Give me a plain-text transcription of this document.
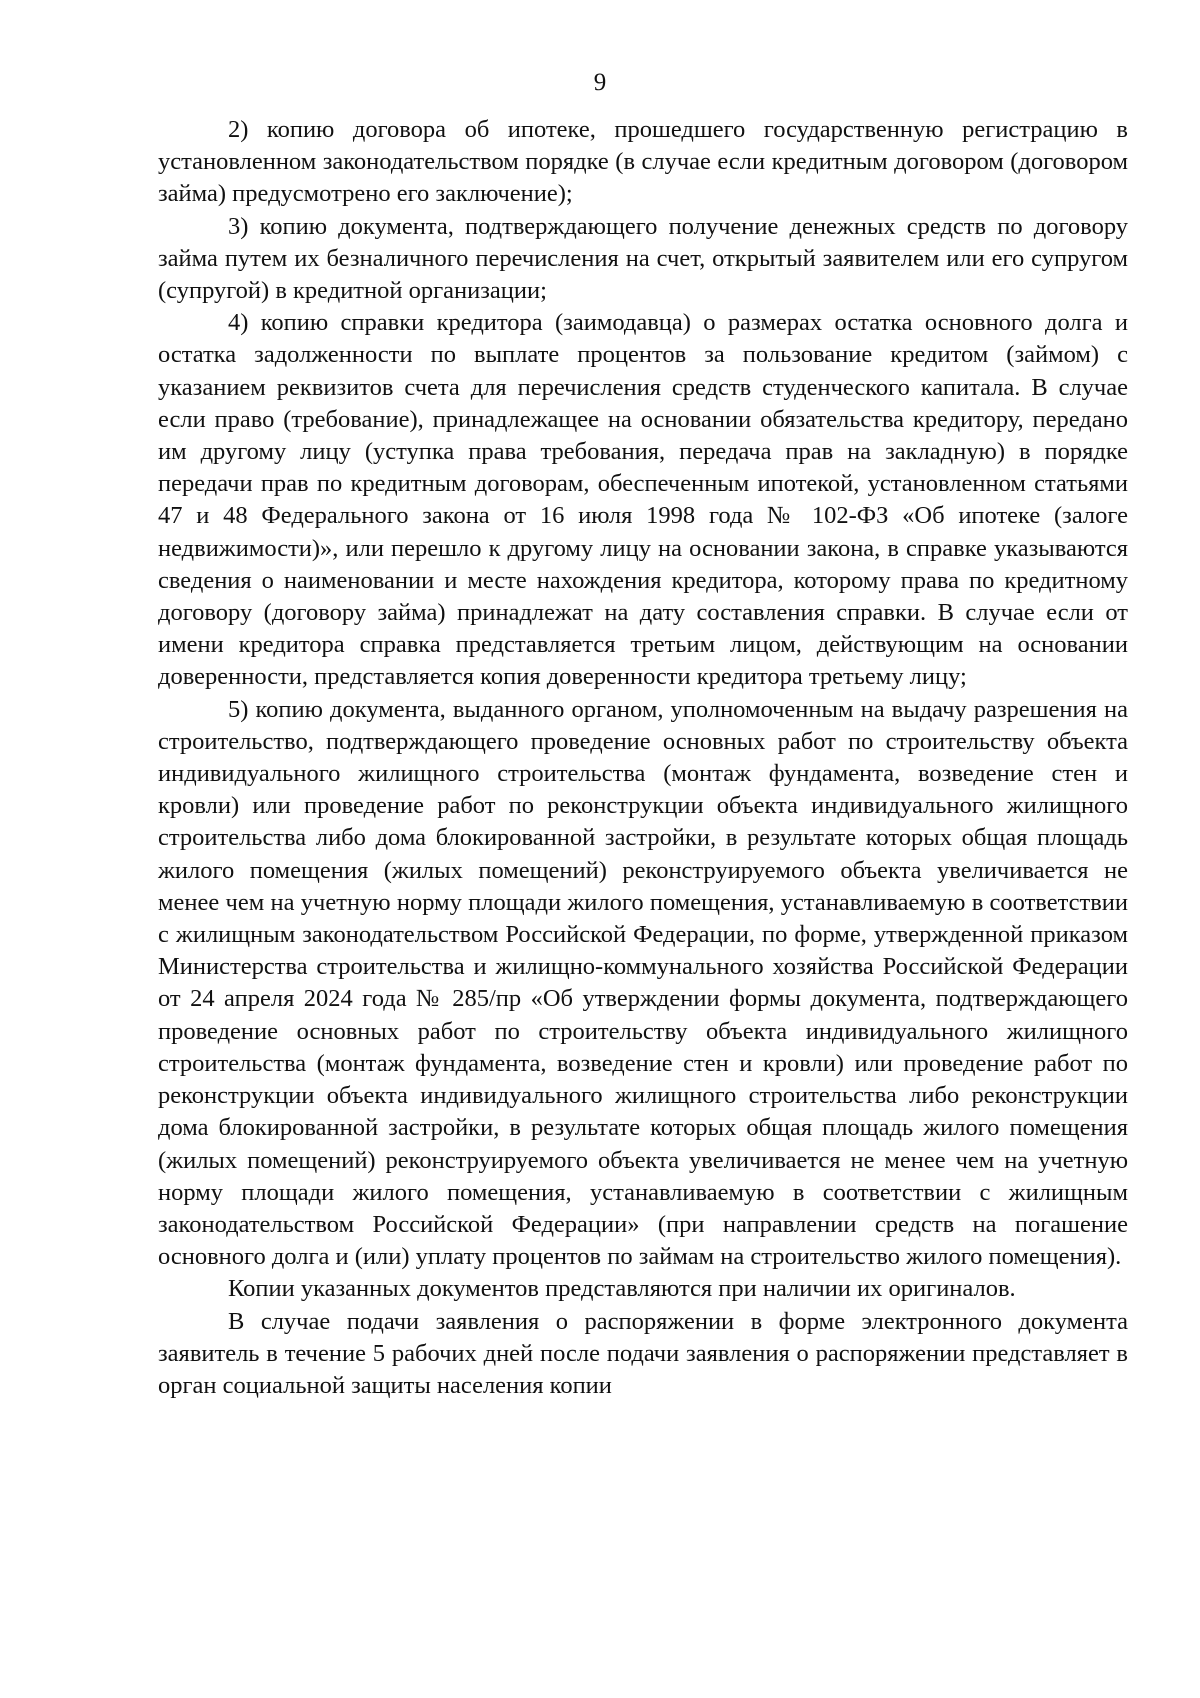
9

2) копию договора об ипотеке, прошедшего государственную регистрацию в установленном законодательством порядке (в случае если кредитным договором (договором займа) предусмотрено его заключение);

3) копию документа, подтверждающего получение денежных средств по договору займа путем их безналичного перечисления на счет, открытый заявителем или его супругом (супругой) в кредитной организации;

4) копию справки кредитора (заимодавца) о размерах остатка основного долга и остатка задолженности по выплате процентов за пользование кредитом (займом) с указанием реквизитов счета для перечисления средств студенческого капитала. В случае если право (требование), принадлежащее на основании обязательства кредитору, передано им другому лицу (уступка права требования, передача прав на закладную) в порядке передачи прав по кредитным договорам, обеспеченным ипотекой, установленном статьями 47 и 48 Федерального закона от 16 июля 1998 года № 102-ФЗ «Об ипотеке (залоге недвижимости)», или перешло к другому лицу на основании закона, в справке указываются сведения о наименовании и месте нахождения кредитора, которому права по кредитному договору (договору займа) принадлежат на дату составления справки. В случае если от имени кредитора справка представляется третьим лицом, действующим на основании доверенности, представляется копия доверенности кредитора третьему лицу;

5) копию документа, выданного органом, уполномоченным на выдачу разрешения на строительство, подтверждающего проведение основных работ по строительству объекта индивидуального жилищного строительства (монтаж фундамента, возведение стен и кровли) или проведение работ по реконструкции объекта индивидуального жилищного строительства либо дома блокированной застройки, в результате которых общая площадь жилого помещения (жилых помещений) реконструируемого объекта увеличивается не менее чем на учетную норму площади жилого помещения, устанавливаемую в соответствии с жилищным законодательством Российской Федерации, по форме, утвержденной приказом Министерства строительства и жилищно-коммунального хозяйства Российской Федерации от 24 апреля 2024 года № 285/пр «Об утверждении формы документа, подтверждающего проведение основных работ по строительству объекта индивидуального жилищного строительства (монтаж фундамента, возведение стен и кровли) или проведение работ по реконструкции объекта индивидуального жилищного строительства либо реконструкции дома блокированной застройки, в результате которых общая площадь жилого помещения (жилых помещений) реконструируемого объекта увеличивается не менее чем на учетную норму площади жилого помещения, устанавливаемую в соответствии с жилищным законодательством Российской Федерации» (при направлении средств на погашение основного долга и (или) уплату процентов по займам на строительство жилого помещения).

Копии указанных документов представляются при наличии их оригиналов.

В случае подачи заявления о распоряжении в форме электронного документа заявитель в течение 5 рабочих дней после подачи заявления о распоряжении представляет в орган социальной защиты населения копии
